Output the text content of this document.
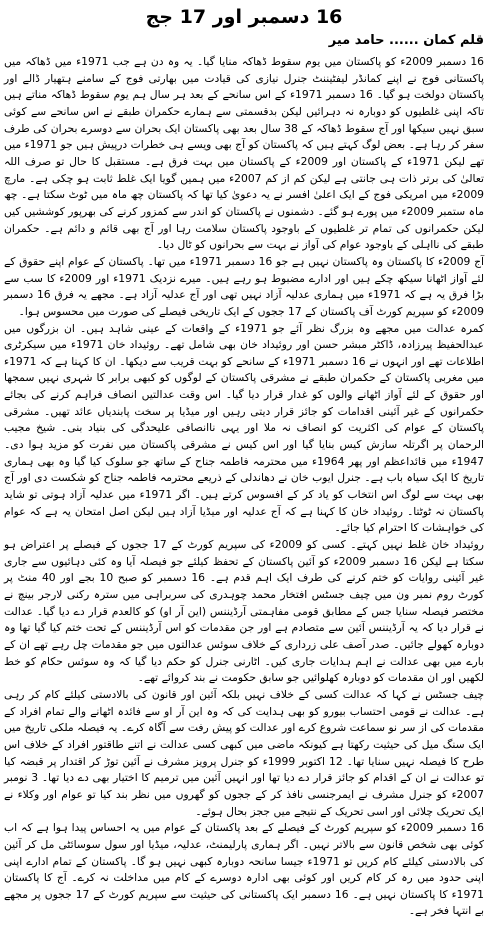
16 دسمبر اور 17 جج
قلم کمان ...... حامد میر

16 دسمبر 2009ء کو پاکستان میں یوم سقوط ڈھاکہ منایا گیا۔ یہ وہ دن ہے جب 1971ء میں ڈھاکہ میں پاکستانی فوج نے اپنے کمانڈر لیفٹیننٹ جنرل نیازی کی قیادت میں بھارتی فوج کے سامنے ہتھیار ڈالے اور پاکستان دولخت ہو گیا۔ 16 دسمبر 1971ء کے اس سانحے کے بعد ہر سال ہم یوم سقوط ڈھاکہ مناتے ہیں تاکہ اپنی غلطیوں کو دوبارہ نہ دہرائیں لیکن بدقسمتی سے ہمارے حکمران طبقے نے اس سانحے سے کوئی سبق نہیں سیکھا اور آج سقوط ڈھاکہ کے 38 سال بعد بھی پاکستان ایک بحران سے دوسرے بحران کی طرف سفر کر رہا ہے۔ بعض لوگ کہتے ہیں کہ پاکستان کو آج بھی ویسے ہی خطرات درپیش ہیں جو 1971ء میں تھے لیکن 1971ء کے پاکستان اور 2009ء کے پاکستان میں بہت فرق ہے۔ مستقبل کا حال تو صرف اللہ تعالیٰ کی برتر ذات ہی جانتی ہے لیکن کم از کم 2007ء میں ہمیں گویا ایک غلط ثابت ہو چکی ہے۔ مارچ 2009ء میں امریکی فوج کے ایک اعلیٰ افسر نے یہ دعویٰ کیا تھا کہ پاکستان چھ ماہ میں ٹوٹ سکتا ہے۔ چھ ماہ ستمبر 2009ء میں پورے ہو گئے۔ دشمنوں نے پاکستان کو اندر سے کمزور کرنے کی بھرپور کوششیں کیں لیکن حکمرانوں کی تمام تر غلطیوں کے باوجود پاکستان سلامت رہا اور آج بھی قائم و دائم ہے۔ حکمران طبقے کی نااہلی کے باوجود عوام کی آواز نے بہت سے بحرانوں کو ٹال دیا۔

آج 2009ء کا پاکستان وہ پاکستان نہیں ہے جو 16 دسمبر 1971ء میں تھا۔ پاکستان کے عوام اپنے حقوق کے لئے آواز اٹھانا سیکھ چکے ہیں اور ادارے مضبوط ہو رہے ہیں۔ میرے نزدیک 1971ء اور 2009ء کا سب سے بڑا فرق یہ ہے کہ 1971ء میں ہماری عدلیہ آزاد نہیں تھی اور آج عدلیہ آزاد ہے۔ مجھے یہ فرق 16 دسمبر 2009ء کو سپریم کورٹ آف پاکستان کے 17 ججوں کے ایک تاریخی فیصلے کی صورت میں محسوس ہوا۔

کمرہ عدالت میں مجھے وہ بزرگ نظر آئے جو 1971ء کے واقعات کے عینی شاہد ہیں۔ ان بزرگوں میں عبدالحفیظ پیرزادہ، ڈاکٹر مبشر حسن اور روئیداد خان بھی شامل تھے۔ روئیداد خان 1971ء میں سیکرٹری اطلاعات تھے اور انہوں نے 16 دسمبر 1971ء کے سانحے کو بہت قریب سے دیکھا۔ ان کا کہنا ہے کہ 1971ء میں مغربی پاکستان کے حکمران طبقے نے مشرقی پاکستان کے لوگوں کو کبھی برابر کا شہری نہیں سمجھا اور حقوق کے لئے آواز اٹھانے والوں کو غدار قرار دیا گیا۔ اس وقت عدالتیں انصاف فراہم کرنے کی بجائے حکمرانوں کے غیر آئینی اقدامات کو جائز قرار دیتی رہیں اور میڈیا پر سخت پابندیاں عائد تھیں۔ مشرقی پاکستان کے عوام کی اکثریت کو انصاف نہ ملا اور یہی ناانصافی علیحدگی کی بنیاد بنی۔ شیخ مجیب الرحمان پر اگرتلہ سازش کیس بنایا گیا اور اس کیس نے مشرقی پاکستان میں نفرت کو مزید ہوا دی۔ 1947ء میں قائداعظم اور پھر 1964ء میں محترمہ فاطمہ جناح کے ساتھ جو سلوک کیا گیا وہ بھی ہماری تاریخ کا ایک سیاہ باب ہے۔ جنرل ایوب خان نے دھاندلی کے ذریعے محترمہ فاطمہ جناح کو شکست دی اور آج بھی بہت سے لوگ اس انتخاب کو یاد کر کے افسوس کرتے ہیں۔ اگر 1971ء میں عدلیہ آزاد ہوتی تو شاید پاکستان نہ ٹوٹتا۔ روئیداد خان کا کہنا ہے کہ آج عدلیہ اور میڈیا آزاد ہیں لیکن اصل امتحان یہ ہے کہ عوام کی خواہشات کا احترام کیا جائے۔

روئیداد خان غلط نہیں کہتے۔ کسی کو 2009ء کی سپریم کورٹ کے 17 ججوں کے فیصلے پر اعتراض ہو سکتا ہے لیکن 16 دسمبر 2009ء کو آئین پاکستان کے تحفظ کیلئے جو فیصلہ آیا وہ کئی دہائیوں سے جاری غیر آئینی روایات کو ختم کرنے کی طرف ایک اہم قدم ہے۔ 16 دسمبر کو صبح 10 بجے اور 40 منٹ پر کورٹ روم نمبر ون میں چیف جسٹس افتخار محمد چوہدری کی سربراہی میں سترہ رکنی لارجر بینچ نے مختصر فیصلہ سنایا جس کے مطابق قومی مفاہمتی آرڈیننس (این آر او) کو کالعدم قرار دے دیا گیا۔ عدالت نے قرار دیا کہ یہ آرڈیننس آئین سے متصادم ہے اور جن مقدمات کو اس آرڈیننس کے تحت ختم کیا گیا تھا وہ دوبارہ کھولے جائیں۔ صدر آصف علی زرداری کے خلاف سوئس عدالتوں میں جو مقدمات چل رہے تھے ان کے بارے میں بھی عدالت نے اہم ہدایات جاری کیں۔ اٹارنی جنرل کو حکم دیا گیا کہ وہ سوئس حکام کو خط لکھیں اور ان مقدمات کو دوبارہ کھلوائیں جو سابق حکومت نے بند کروائے تھے۔

چیف جسٹس نے کہا کہ عدالت کسی کے خلاف نہیں بلکہ آئین اور قانون کی بالادستی کیلئے کام کر رہی ہے۔ عدالت نے قومی احتساب بیورو کو بھی ہدایت کی کہ وہ این آر او سے فائدہ اٹھانے والے تمام افراد کے مقدمات کی از سر نو سماعت شروع کرے اور عدالت کو پیش رفت سے آگاہ کرے۔ یہ فیصلہ ملکی تاریخ میں ایک سنگ میل کی حیثیت رکھتا ہے کیونکہ ماضی میں کبھی کسی عدالت نے اتنے طاقتور افراد کے خلاف اس طرح کا فیصلہ نہیں سنایا تھا۔ 12 اکتوبر 1999ء کو جنرل پرویز مشرف نے آئین توڑ کر اقتدار پر قبضہ کیا تو عدالت نے ان کے اقدام کو جائز قرار دے دیا تھا اور انہیں آئین میں ترمیم کا اختیار بھی دے دیا تھا۔ 3 نومبر 2007ء کو جنرل مشرف نے ایمرجنسی نافذ کر کے ججوں کو گھروں میں نظر بند کیا تو عوام اور وکلاء نے ایک تحریک چلائی اور اسی تحریک کے نتیجے میں ججز بحال ہوئے۔

16 دسمبر 2009ء کو سپریم کورٹ کے فیصلے کے بعد پاکستان کے عوام میں یہ احساس پیدا ہوا ہے کہ اب کوئی بھی شخص قانون سے بالاتر نہیں۔ اگر ہماری پارلیمنٹ، عدلیہ، میڈیا اور سول سوسائٹی مل کر آئین کی بالادستی کیلئے کام کریں تو 1971ء جیسا سانحہ دوبارہ کبھی نہیں ہو گا۔ پاکستان کے تمام ادارے اپنی اپنی حدود میں رہ کر کام کریں اور کوئی بھی ادارہ دوسرے کے کام میں مداخلت نہ کرے۔ آج کا پاکستان 1971ء کا پاکستان نہیں ہے۔ 16 دسمبر ایک پاکستانی کی حیثیت سے سپریم کورٹ کے 17 ججوں پر مجھے بے انتہا فخر ہے۔
